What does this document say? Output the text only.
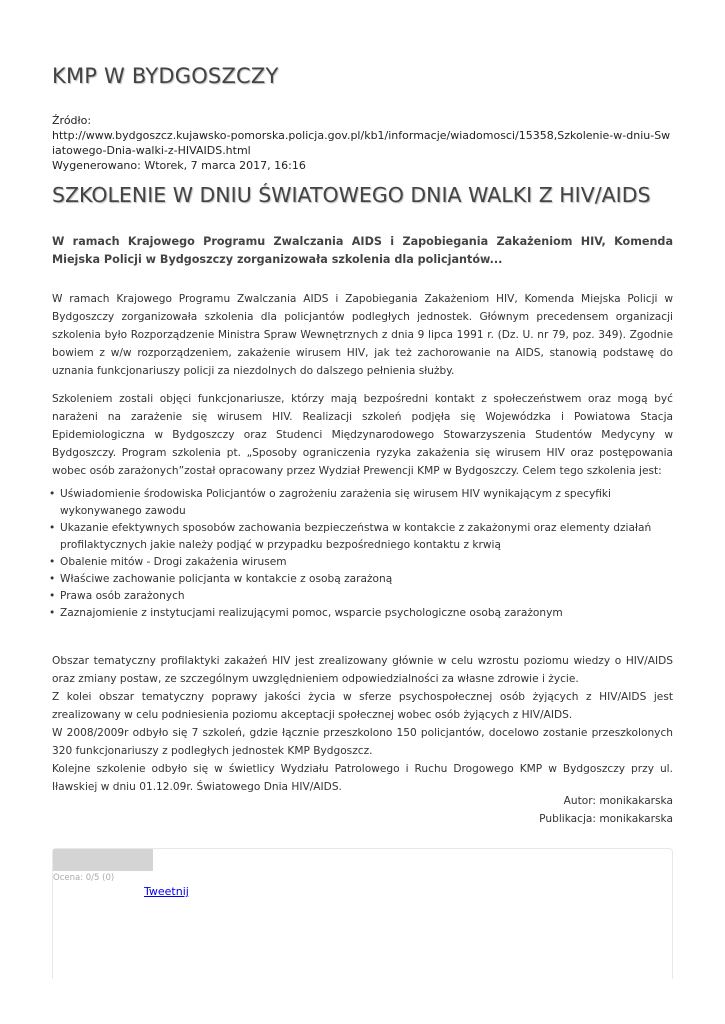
KMP W BYDGOSZCZY
Źródło:
http://www.bydgoszcz.kujawsko-pomorska.policja.gov.pl/kb1/informacje/wiadomosci/15358,Szkolenie-w-dniu-Swiatowego-Dnia-walki-z-HIVAIDS.html
Wygenerowano: Wtorek, 7 marca 2017, 16:16
SZKOLENIE W DNIU ŚWIATOWEGO DNIA WALKI Z HIV/AIDS

W ramach Krajowego Programu Zwalczania AIDS i Zapobiegania Zakażeniom HIV, Komenda Miejska Policji w Bydgoszczy zorganizowała szkolenia dla policjantów...

W ramach Krajowego Programu Zwalczania AIDS i Zapobiegania Zakażeniom HIV, Komenda Miejska Policji w Bydgoszczy zorganizowała szkolenia dla policjantów podległych jednostek. Głównym precedensem organizacji szkolenia było Rozporządzenie Ministra Spraw Wewnętrznych z dnia 9 lipca 1991 r. (Dz. U. nr 79, poz. 349). Zgodnie bowiem z w/w rozporządzeniem, zakażenie wirusem HIV, jak też zachorowanie na AIDS, stanowią podstawę do uznania funkcjonariuszy policji za niezdolnych do dalszego pełnienia służby.

Szkoleniem zostali objęci funkcjonariusze, którzy mają bezpośredni kontakt z społeczeństwem oraz mogą być narażeni na zarażenie się wirusem HIV. Realizacji szkoleń podjęła się Wojewódzka i Powiatowa Stacja Epidemiologiczna w Bydgoszczy oraz Studenci Międzynarodowego Stowarzyszenia Studentów Medycyny w Bydgoszczy. Program szkolenia pt. „Sposoby ograniczenia ryzyka zakażenia się wirusem HIV oraz postępowania wobec osób zarażonych”został opracowany przez Wydział Prewencji KMP w Bydgoszczy. Celem tego szkolenia jest:

• Uświadomienie środowiska Policjantów o zagrożeniu zarażenia się wirusem HIV wynikającym z specyfiki wykonywanego zawodu
• Ukazanie efektywnych sposobów zachowania bezpieczeństwa w kontakcie z zakażonymi oraz elementy działań profilaktycznych jakie należy podjąć w przypadku bezpośredniego kontaktu z krwią
• Obalenie mitów - Drogi zakażenia wirusem
• Właściwe zachowanie policjanta w kontakcie z osobą zarażoną
• Prawa osób zarażonych
• Zaznajomienie z instytucjami realizującymi pomoc, wsparcie psychologiczne osobą zarażonym

Obszar tematyczny profilaktyki zakażeń HIV jest zrealizowany głównie w celu wzrostu poziomu wiedzy o HIV/AIDS oraz zmiany postaw, ze szczególnym uwzględnieniem odpowiedzialności za własne zdrowie i życie.

Z kolei obszar tematyczny poprawy jakości życia w sferze psychospołecznej osób żyjących z HIV/AIDS jest zrealizowany w celu podniesienia poziomu akceptacji społecznej wobec osób żyjących z HIV/AIDS.

W 2008/2009r odbyło się 7 szkoleń, gdzie łącznie przeszkolono 150 policjantów, docelowo zostanie przeszkolonych 320 funkcjonariuszy z podległych jednostek KMP Bydgoszcz.

Kolejne szkolenie odbyło się w świetlicy Wydziału Patrolowego i Ruchu Drogowego KMP w Bydgoszczy przy ul. Iławskiej w dniu 01.12.09r. Światowego Dnia HIV/AIDS.

Autor: monikakarska
Publikacja: monikakarska
Ocena: 0/5 (0)
Tweetnij
